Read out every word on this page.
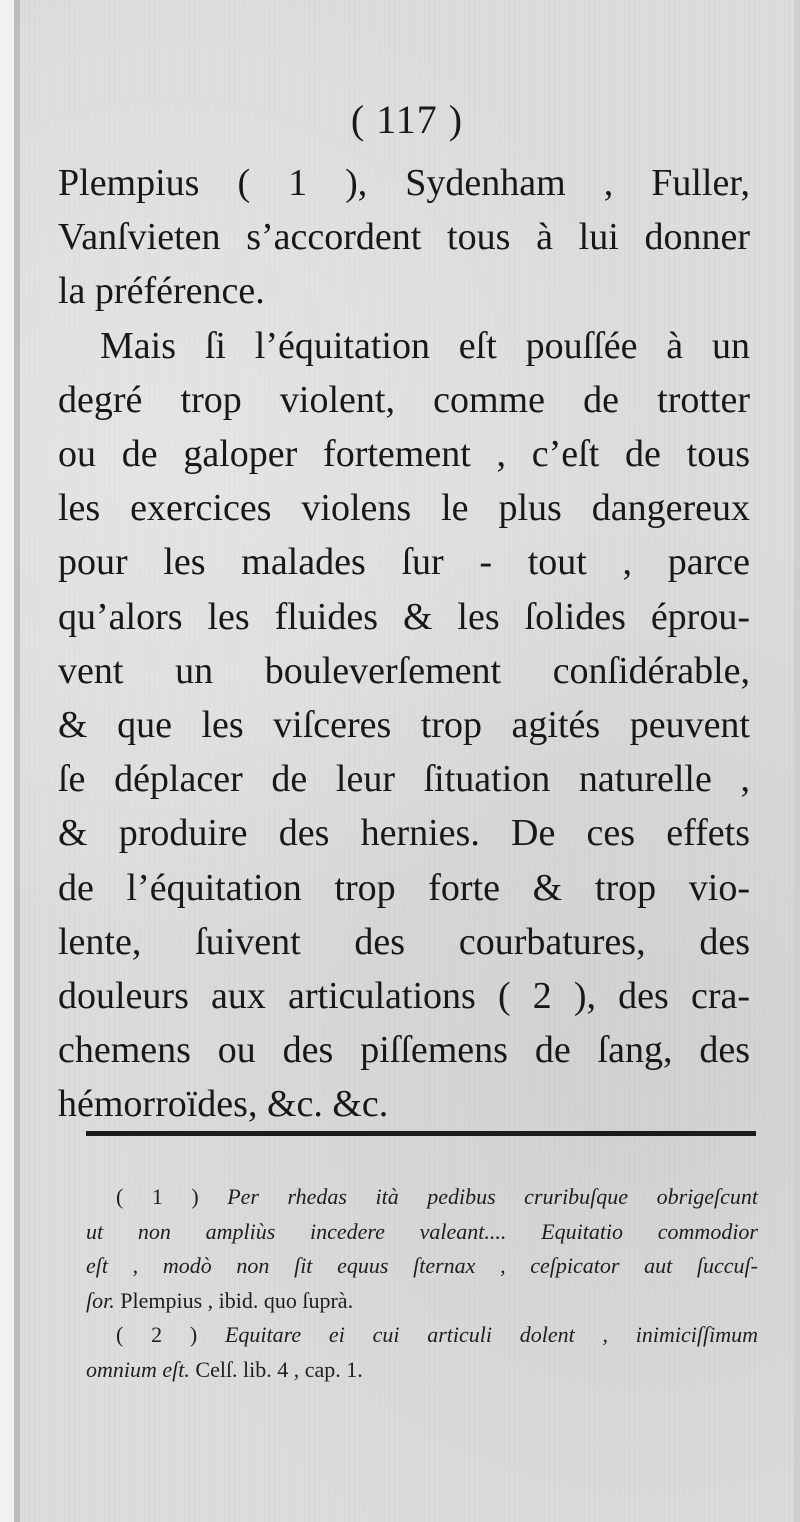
( 117 )
Plempius ( 1 ), Sydenham , Fuller,
Vanſvieten s’accordent tous à lui donner
la préférence.
Mais ſi l’équitation eſt pouſſée à un
degré trop violent, comme de trotter
ou de galoper fortement , c’eſt de tous
les exercices violens le plus dangereux
pour les malades ſur - tout , parce
qu’alors les fluides & les ſolides éprou-
vent un bouleverſement conſidérable,
& que les viſceres trop agités peuvent
ſe déplacer de leur ſituation naturelle ,
& produire des hernies. De ces effets
de l’équitation trop forte & trop vio-
lente, ſuivent des courbatures, des
douleurs aux articulations ( 2 ), des cra-
chemens ou des piſſemens de ſang, des
hémorroïdes, &c. &c.
( 1 ) Per rhedas ità pedibus cruribuſque obrigeſcunt
ut non ampliùs incedere valeant.... Equitatio commodior
eſt , modò non ſit equus ſternax , ceſpicator aut ſuccuſ-
ſor. Plempius , ibid. quo ſuprà.
( 2 ) Equitare ei cui articuli dolent , inimiciſſimum
omnium eſt. Celſ. lib. 4 , cap. 1.
